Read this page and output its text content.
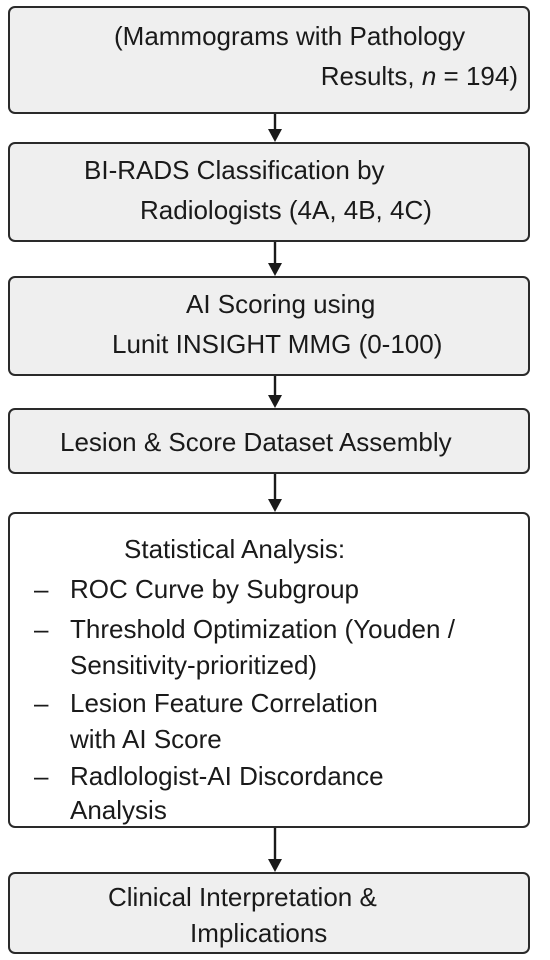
(Mammograms with Pathology
Results, n = 194)
BI-RADS Classification by
Radiologists (4A, 4B, 4C)
AI Scoring using
Lunit INSIGHT MMG (0-100)
Lesion & Score Dataset Assembly
Statistical Analysis:
– ROC Curve by Subgroup
– Threshold Optimization (Youden /
Sensitivity-prioritized)
– Lesion Feature Correlation
with AI Score
– Radlologist-AI Discordance
Analysis
Clinical Interpretation &
Implications
